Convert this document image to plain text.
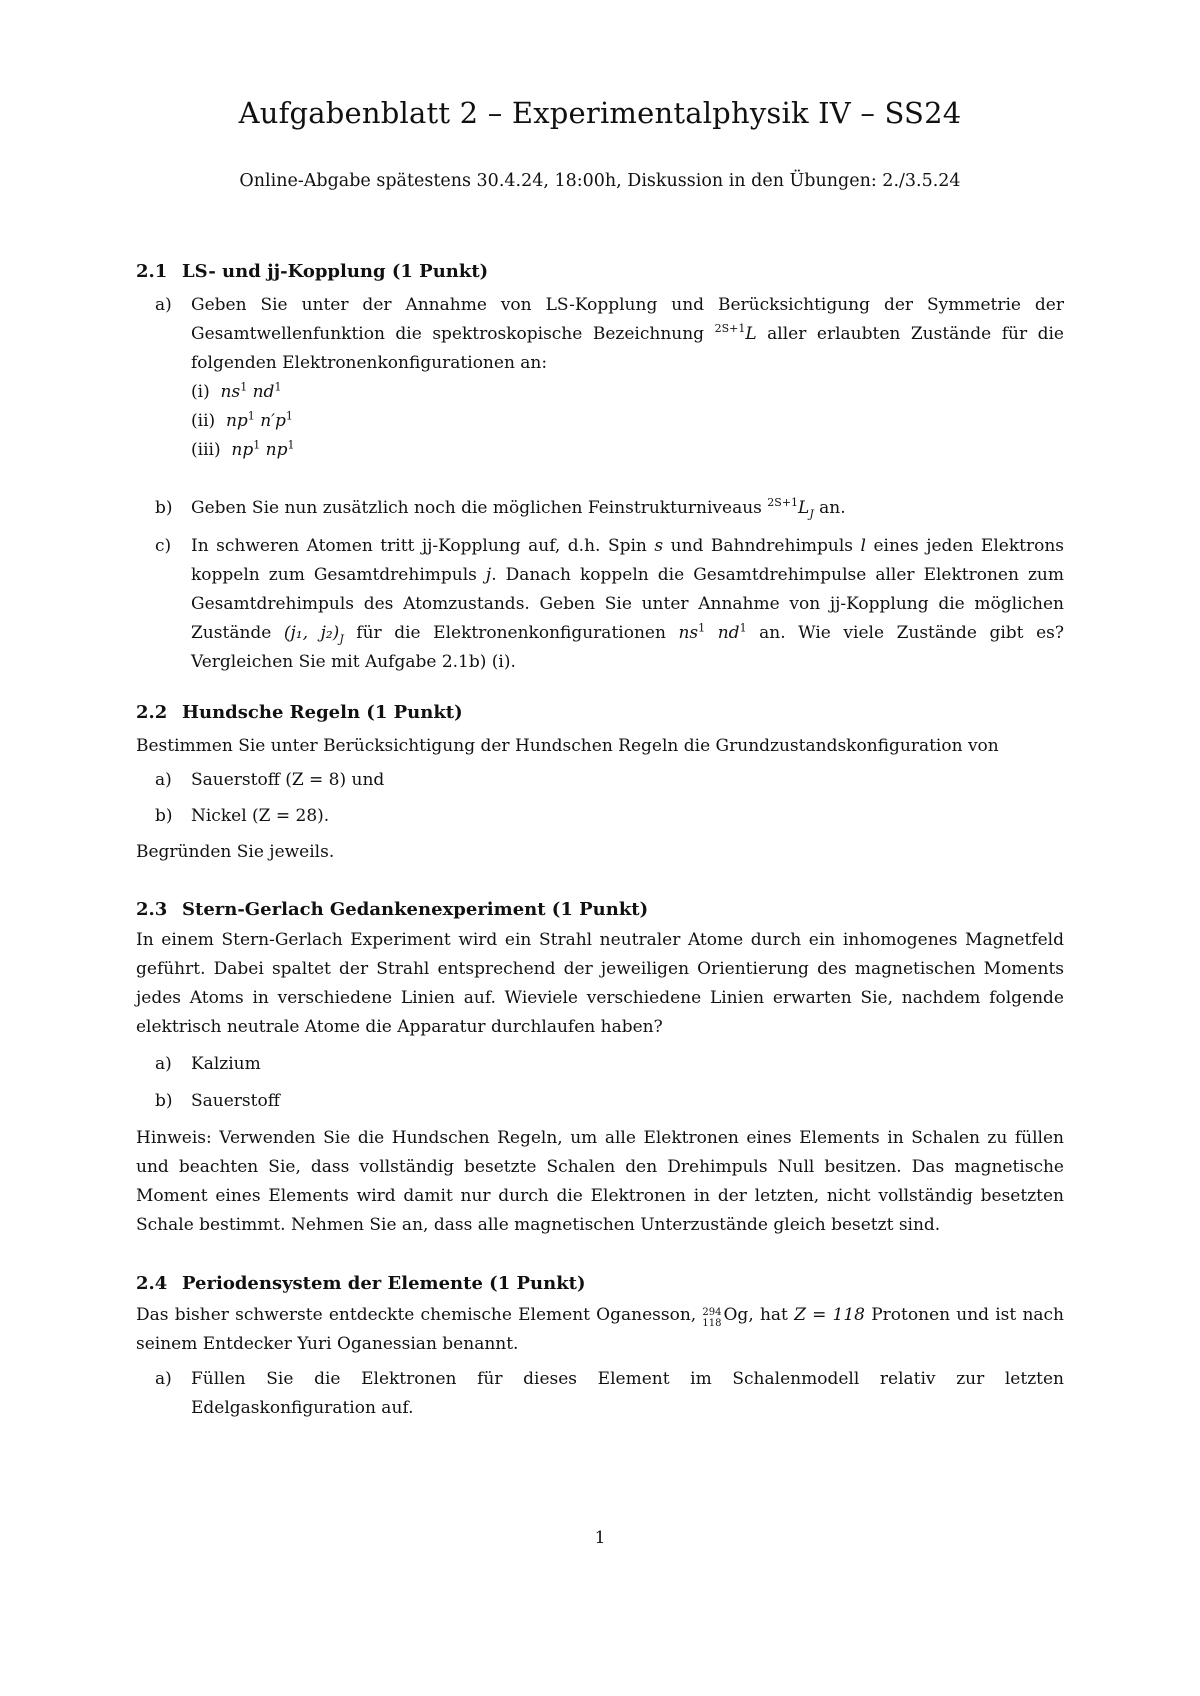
Aufgabenblatt 2 – Experimentalphysik IV – SS24
Online-Abgabe spätestens 30.4.24, 18:00h, Diskussion in den Übungen: 2./3.5.24

2.1 LS- und jj-Kopplung (1 Punkt)

a) Geben Sie unter der Annahme von LS-Kopplung und Berücksichtigung der Symmetrie der Gesamtwellenfunktion die spektroskopische Bezeichnung $^{2S+1}$L aller erlaubten Zustände für die folgenden Elektronenkonfigurationen an:
(i) $ns^1$ $nd^1$
(ii) $np^1$ $n'p^1$
(iii) $np^1$ $np^1$
b) Geben Sie nun zusätzlich noch die möglichen Feinstrukturniveaus $^{2S+1}L_J$ an.
c) In schweren Atomen tritt jj-Kopplung auf, d.h. Spin s und Bahndrehimpuls l eines jeden Elektrons koppeln zum Gesamtdrehimpuls j. Danach koppeln die Gesamtdrehimpulse aller Elektronen zum Gesamtdrehimpuls des Atomzustands. Geben Sie unter Annahme von jj-Kopplung die möglichen Zustände (j₁, $j_2)_J$ für die Elektronenkonfigurationen $ns^1$ $nd^1$ an. Wie viele Zustände gibt es? Vergleichen Sie mit Aufgabe 2.1b) (i).

2.2 Hundsche Regeln (1 Punkt)

Bestimmen Sie unter Berücksichtigung der Hundschen Regeln die Grundzustandskonfiguration von

a) Sauerstoff (Z = 8) und
b) Nickel (Z = 28).

Begründen Sie jeweils.

2.3 Stern-Gerlach Gedankenexperiment (1 Punkt)

In einem Stern-Gerlach Experiment wird ein Strahl neutraler Atome durch ein inhomogenes Magnetfeld geführt. Dabei spaltet der Strahl entsprechend der jeweiligen Orientierung des magnetischen Moments jedes Atoms in verschiedene Linien auf. Wieviele verschiedene Linien erwarten Sie, nachdem folgende elektrisch neutrale Atome die Apparatur durchlaufen haben?

a) Kalzium
b) Sauerstoff

Hinweis: Verwenden Sie die Hundschen Regeln, um alle Elektronen eines Elements in Schalen zu füllen und beachten Sie, dass vollständig besetzte Schalen den Drehimpuls Null besitzen. Das magnetische Moment eines Elements wird damit nur durch die Elektronen in der letzten, nicht vollständig besetzten Schale bestimmt. Nehmen Sie an, dass alle magnetischen Unterzustände gleich besetzt sind.

2.4 Periodensystem der Elemente (1 Punkt)

Das bisher schwerste entdeckte chemische Element Oganesson, 294
118 Og, hat Z = 118 Protonen und ist nach seinem Entdecker Yuri Oganessian benannt.

a) Füllen Sie die Elektronen für dieses Element im Schalenmodell relativ zur letzten Edelgaskonfiguration auf.
1
